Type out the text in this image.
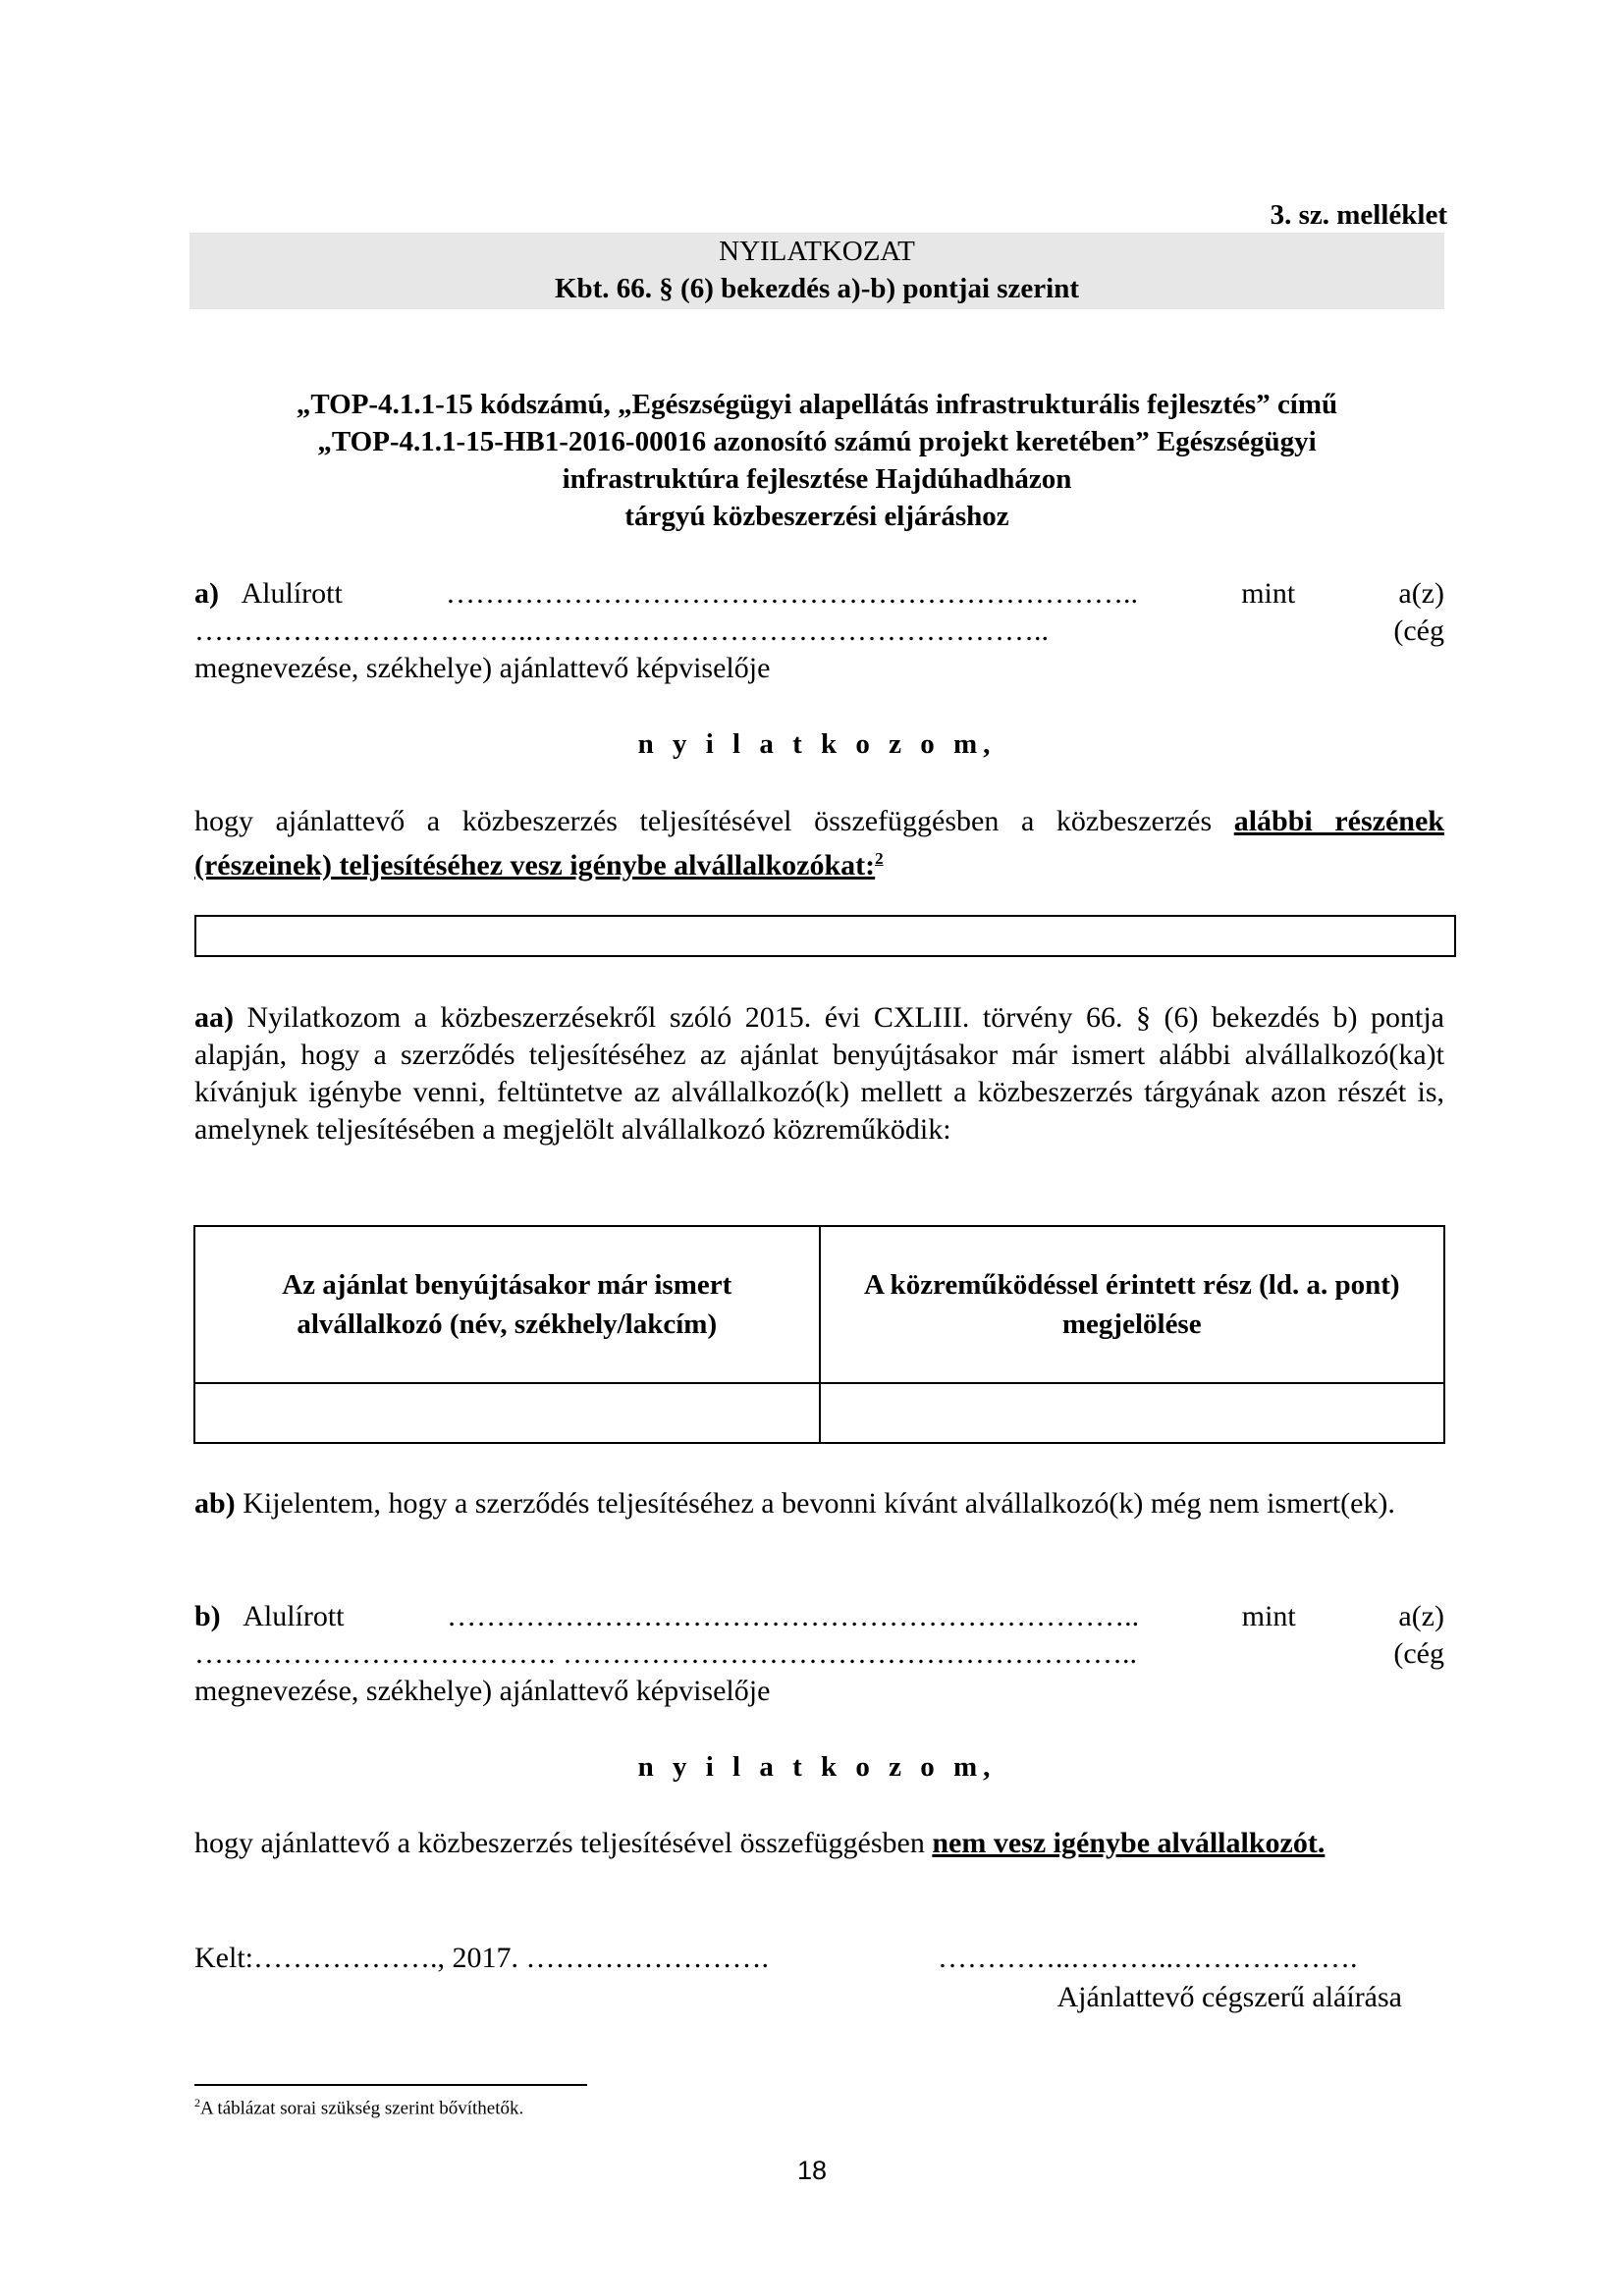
3. sz. melléklet
NYILATKOZAT
Kbt. 66. § (6) bekezdés a)-b) pontjai szerint
„TOP-4.1.1-15 kódszámú, „Egészségügyi alapellátás infrastrukturális fejlesztés” című
„TOP-4.1.1-15-HB1-2016-00016 azonosító számú projekt keretében” Egészségügyi
infrastruktúra fejlesztése Hajdúhadházon
tárgyú közbeszerzési eljáráshoz
a) Alulírott	……………………………………………………………..	mint	a(z)
……………………………..……………………………………………..	(cég
megnevezése, székhelye) ajánlattevő képviselője
n y i l a t k o z o m,
hogy ajánlattevő a közbeszerzés teljesítésével összefüggésben a közbeszerzés alábbi részének (részeinek) teljesítéséhez vesz igénybe alvállalkozókat:$^2$
aa) Nyilatkozom a közbeszerzésekről szóló 2015. évi CXLIII. törvény 66. § (6) bekezdés b) pontja alapján, hogy a szerződés teljesítéséhez az ajánlat benyújtásakor már ismert alábbi alvállalkozó(ka)t kívánjuk igénybe venni, feltüntetve az alvállalkozó(k) mellett a közbeszerzés tárgyának azon részét is, amelynek teljesítésében a megjelölt alvállalkozó közreműködik:
Az ajánlat benyújtásakor már ismert alvállalkozó (név, székhely/lakcím)	A közreműködéssel érintett rész (ld. a. pont) megjelölése

ab) Kijelentem, hogy a szerződés teljesítéséhez a bevonni kívánt alvállalkozó(k) még nem ismert(ek).
b) Alulírott	……………………………………………………………..	mint	a(z)
………………………………. …………………………………………………..	(cég
megnevezése, székhelye) ajánlattevő képviselője
n y i l a t k o z o m,
hogy ajánlattevő a közbeszerzés teljesítésével összefüggésben nem vesz igénybe alvállalkozót.
Kelt:………………., 2017. …………………….	…………..………..……………….
Ajánlattevő cégszerű aláírása
$^2$A táblázat sorai szükség szerint bővíthetők.
18
